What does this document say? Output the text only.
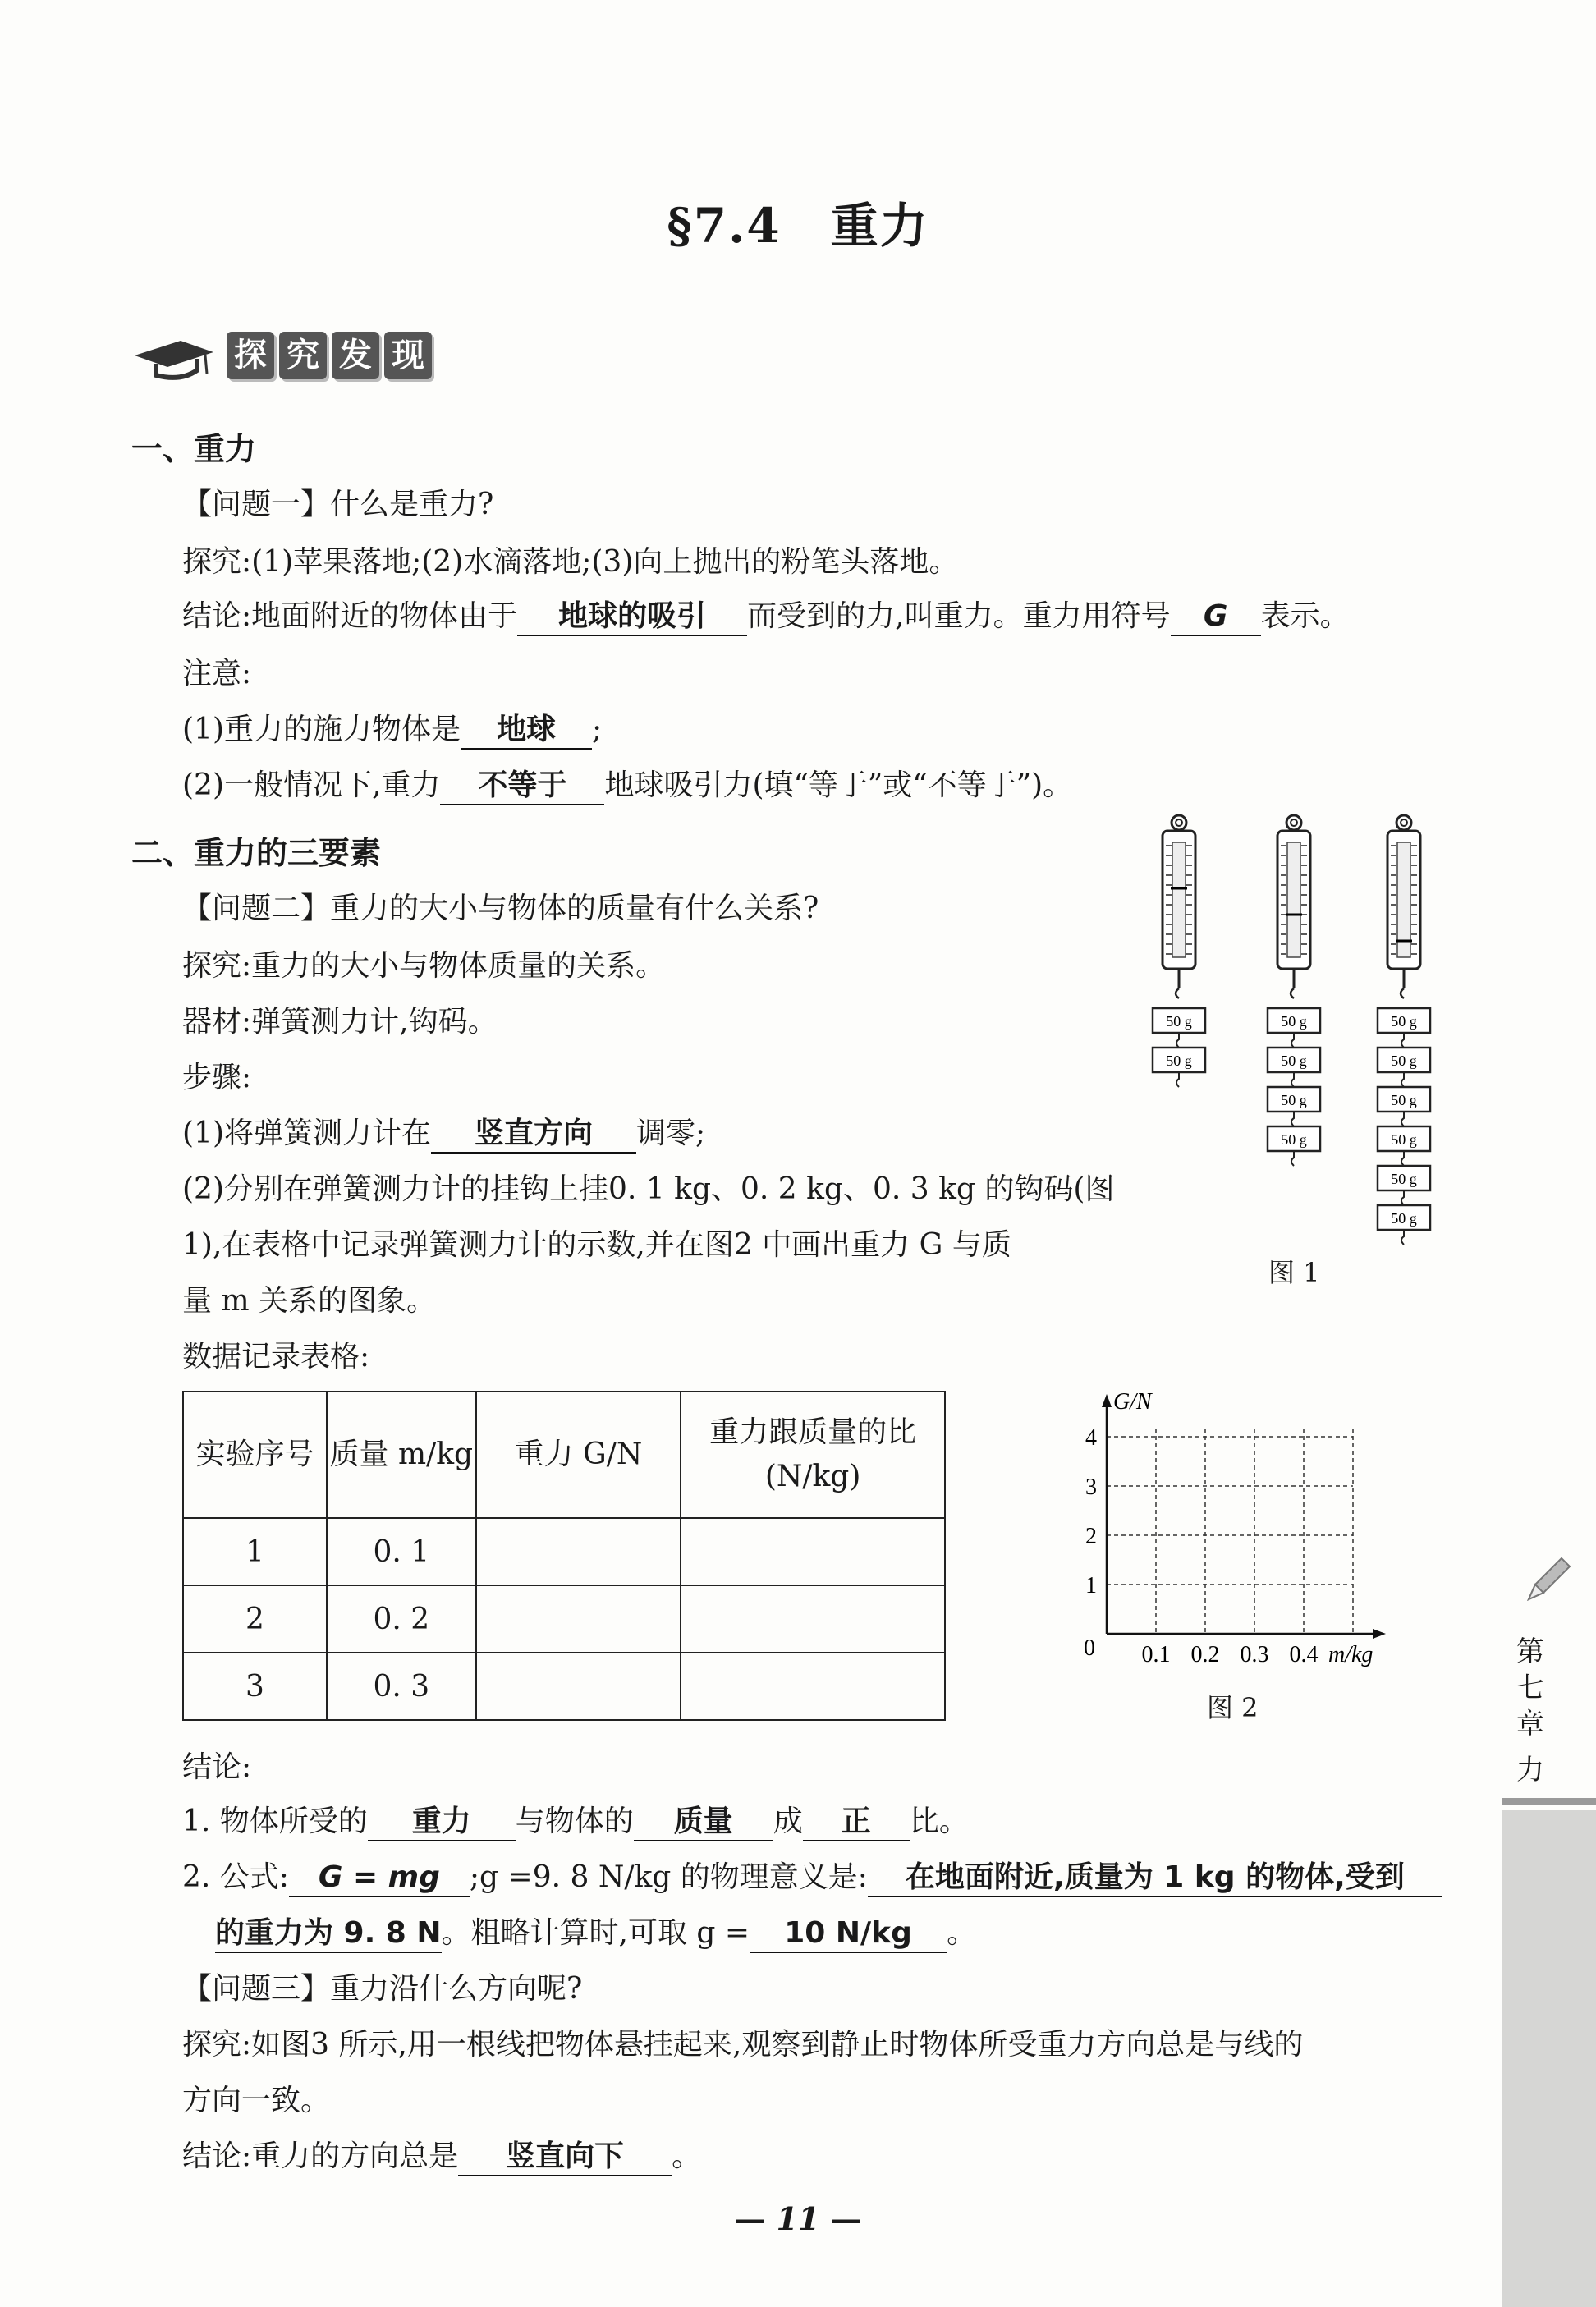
§7.4　重力
探 究 发 现
一、重力
【问题一】什么是重力?
探究:(1)苹果落地;(2)水滴落地;(3)向上抛出的粉笔头落地。
结论:地面附近的物体由于 地球的吸引 而受到的力,叫重力。重力用符号 G 表示。
注意:
(1)重力的施力物体是 地球 ;
(2)一般情况下,重力 不等于 地球吸引力(填“等于”或“不等于”)。
二、重力的三要素
【问题二】重力的大小与物体的质量有什么关系?
探究:重力的大小与物体质量的关系。
器材:弹簧测力计,钩码。
步骤:
(1)将弹簧测力计在 竖直方向 调零;
(2)分别在弹簧测力计的挂钩上挂0. 1 kg、0. 2 kg、0. 3 kg 的钩码(图
1),在表格中记录弹簧测力计的示数,并在图2 中画出重力 G 与质
量 m 关系的图象。
数据记录表格:
实验序号	质量 m/kg	重力 G/N	重力跟质量的比(N/kg)
1	0. 1		
2	0. 2		
3	0. 3		
结论:
1. 物体所受的 重力 与物体的 质量 成 正 比。
2. 公式: G = mg ;g =9. 8 N/kg 的物理意义是: 在地面附近,质量为 1 kg 的物体,受到
的重力为 9. 8 N。粗略计算时,可取 g = 10 N/kg 。
【问题三】重力沿什么方向呢?
探究:如图3 所示,用一根线把物体悬挂起来,观察到静止时物体所受重力方向总是与线的
方向一致。
结论:重力的方向总是 竖直向下 。
50 g
50 g
50 g
50 g
50 g
50 g
50 g
50 g
50 g
50 g
50 g
50 g
图 1
G/N
0
1
2
3
4
0.1 0.2 0.3 0.4 m/kg
图 2
第
七
章
力
— 11 —
